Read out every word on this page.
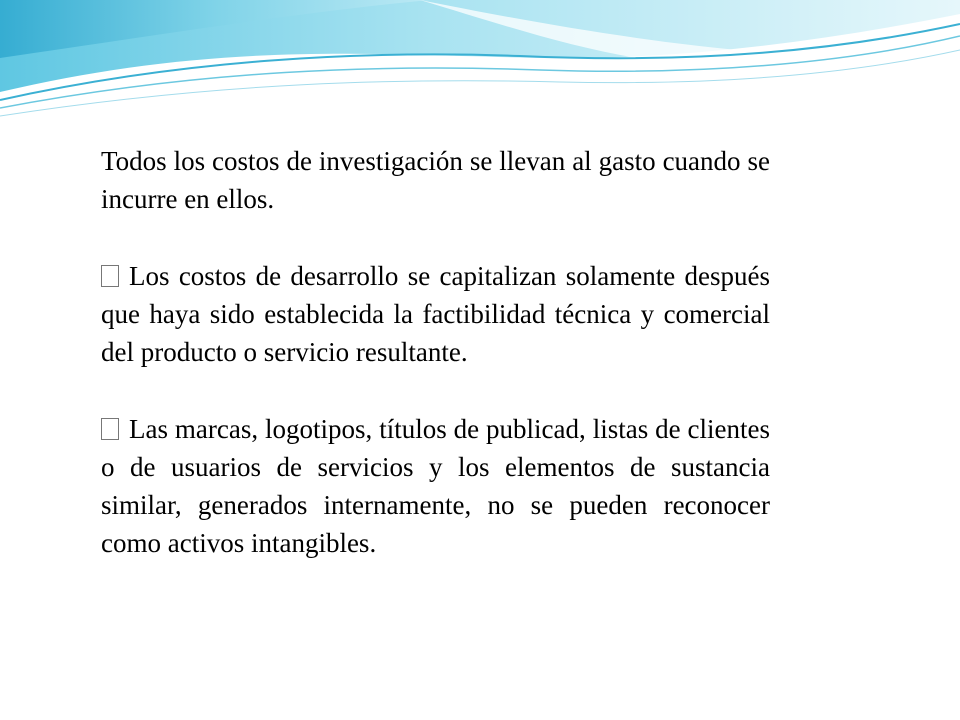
Todos los costos de investigación se llevan al gasto cuando se incurre en ellos.

Los costos de desarrollo se capitalizan solamente después que haya sido establecida la factibilidad técnica y comercial del producto o servicio resultante.

Las marcas, logotipos, títulos de publicad, listas de clientes o de usuarios de servicios y los elementos de sustancia similar, generados internamente, no se pueden reconocer como activos intangibles.
